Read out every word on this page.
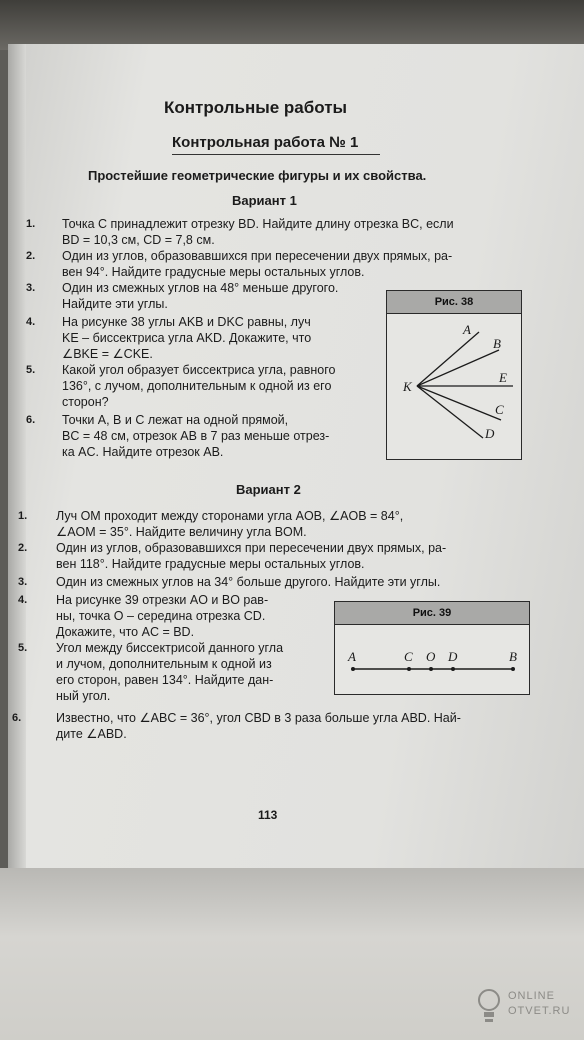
Контрольные работы
Контрольная работа № 1
Простейшие геометрические фигуры и их свойства.
Вариант 1
1. Точка C принадлежит отрезку BD. Найдите длину отрезка BC, если
BD = 10,3 см, CD = 7,8 см.
2. Один из углов, образовавшихся при пересечении двух прямых, ра-
вен 94°. Найдите градусные меры остальных углов.
3. Один из смежных углов на 48° меньше другого.
Найдите эти углы.
4. На рисунке 38 углы AKB и DKC равны, луч
KE – биссектриса угла AKD. Докажите, что
∠BKE = ∠CKE.
5. Какой угол образует биссектриса угла, равного
136°, с лучом, дополнительным к одной из его
сторон?
6. Точки A, B и C лежат на одной прямой,
BC = 48 см, отрезок AB в 7 раз меньше отрез-
ка AC. Найдите отрезок AB.
Рис. 38
K
A
B
E
C
D
Вариант 2
1. Луч OM проходит между сторонами угла AOB, ∠AOB = 84°,
∠AOM = 35°. Найдите величину угла BOM.
2. Один из углов, образовавшихся при пересечении двух прямых, ра-
вен 118°. Найдите градусные меры остальных углов.
3. Один из смежных углов на 34° больше другого. Найдите эти углы.
4. На рисунке 39 отрезки AO и BO рав-
ны, точка O – середина отрезка CD.
Докажите, что AC = BD.
5. Угол между биссектрисой данного угла
и лучом, дополнительным к одной из
его сторон, равен 134°. Найдите дан-
ный угол.
6.	Известно, что ∠ABC = 36°, угол CBD в 3 раза больше угла ABD. Най-
дите ∠ABD.
Рис. 39
A	C O D	B
113
ONLINE
OTVET.RU
